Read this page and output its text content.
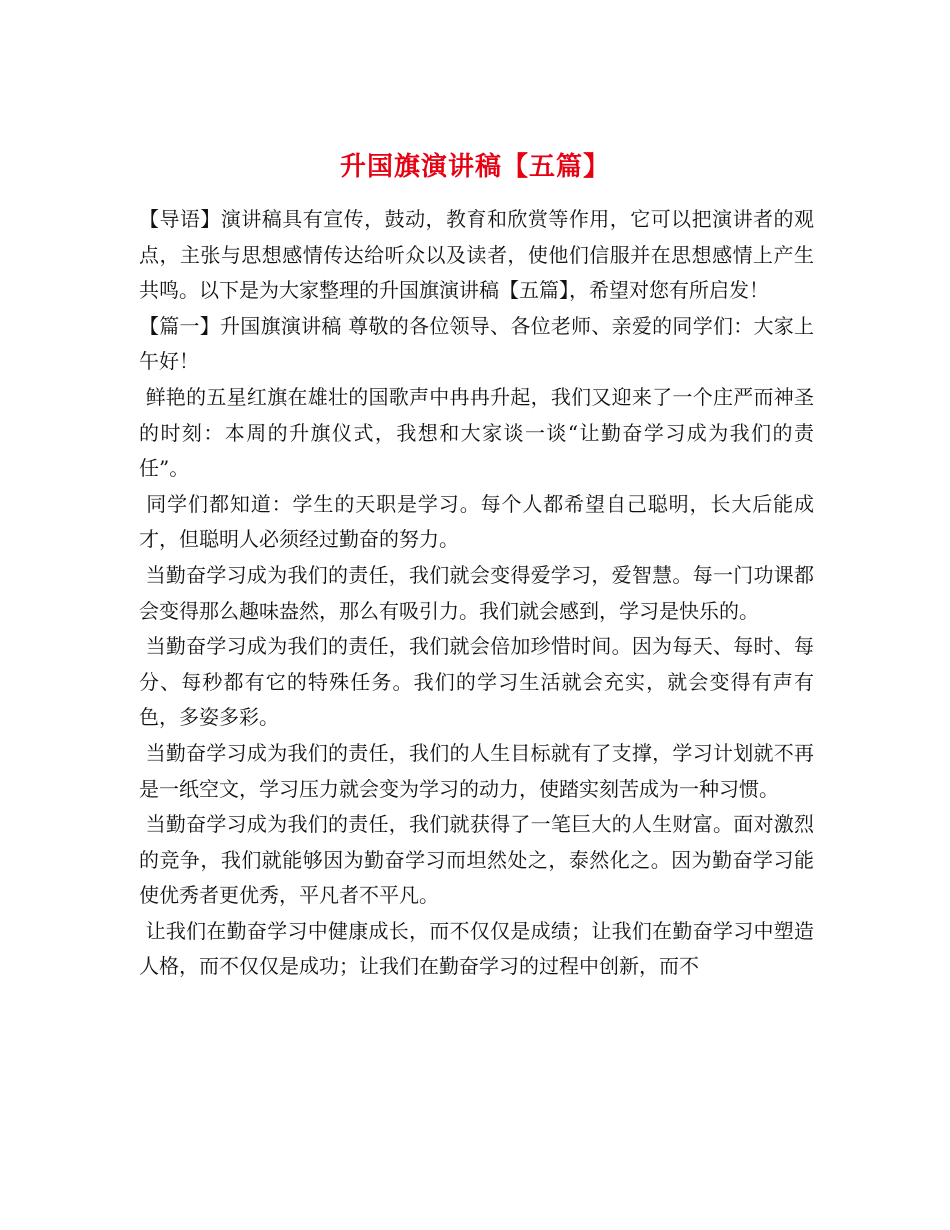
升国旗演讲稿【五篇】

【导语】演讲稿具有宣传，鼓动，教育和欣赏等作用，它可以把演讲者的观点，主张与思想感情传达给听众以及读者，使他们信服并在思想感情上产生共鸣。以下是为大家整理的升国旗演讲稿【五篇】，希望对您有所启发！

【篇一】升国旗演讲稿 尊敬的各位领导、各位老师、亲爱的同学们：大家上午好！

鲜艳的五星红旗在雄壮的国歌声中冉冉升起，我们又迎来了一个庄严而神圣的时刻：本周的升旗仪式，我想和大家谈一谈“让勤奋学习成为我们的责任”。

同学们都知道：学生的天职是学习。每个人都希望自己聪明，长大后能成才，但聪明人必须经过勤奋的努力。

当勤奋学习成为我们的责任，我们就会变得爱学习，爱智慧。每一门功课都会变得那么趣味盎然，那么有吸引力。我们就会感到，学习是快乐的。

当勤奋学习成为我们的责任，我们就会倍加珍惜时间。因为每天、每时、每分、每秒都有它的特殊任务。我们的学习生活就会充实，就会变得有声有色，多姿多彩。

当勤奋学习成为我们的责任，我们的人生目标就有了支撑，学习计划就不再是一纸空文，学习压力就会变为学习的动力，使踏实刻苦成为一种习惯。

当勤奋学习成为我们的责任，我们就获得了一笔巨大的人生财富。面对激烈的竞争，我们就能够因为勤奋学习而坦然处之，泰然化之。因为勤奋学习能使优秀者更优秀，平凡者不平凡。

让我们在勤奋学习中健康成长，而不仅仅是成绩；让我们在勤奋学习中塑造人格，而不仅仅是成功；让我们在勤奋学习的过程中创新，而不
